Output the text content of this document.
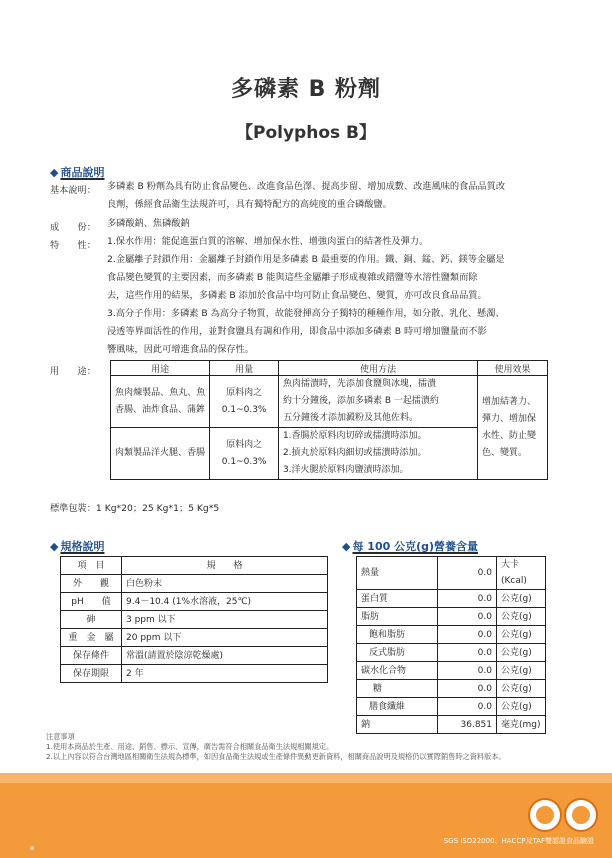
多磷素 B 粉劑
【Polyphos B】
◆ 商品說明
基本說明：	多磷素 B 粉劑為具有防止食品變色、改進食品色澤、提高步留、增加成數、改進風味的食品品質改
良劑，係經食品衛生法規許可，具有獨特配方的高純度的重合磷酸鹽。
成　　份：	多磷酸鈉、焦磷酸鈉
特　　性：	1.保水作用：能促進蛋白質的溶解、增加保水性、增強肉蛋白的結著性及彈力。
2.金屬離子封鎖作用：金屬離子封鎖作用是多磷素 B 最重要的作用。鐵、銅、錳、鈣、鎂等金屬是
食品變色變質的主要因素，而多磷素 B 能與這些金屬離子形成複雜或錯鹽等水溶性鹽類而除
去，這些作用的結果，多磷素 B 添加於食品中均可防止食品變色、變質，亦可改良食品品質。
3.高分子作用：多磷素 B 為高分子物質，故能發揮高分子獨特的種種作用，如分散、乳化、懸濁、
浸透等界面活性的作用，並對食鹽具有調和作用，即食品中添加多磷素 B 時可增加鹽量而不影
響風味，因此可增進食品的保存性。
用　　途：	用途	用量	使用方法	使用效果
魚肉煉製品、魚丸、魚香腸、油炸食品、蒲鉾	原料肉之0.1~0.3%	魚肉擂潰時，先添加食鹽與冰塊，擂潰
約十分鐘後，添加多磷素 B 一起擂潰約
五分鐘後才添加澱粉及其他佐料。	增加結著力、彈力、增加保水性、防止變色、變質。
肉類製品洋火腿、香腸	原料肉之0.1~0.3%	1.香腸於原料肉切碎或擂潰時添加。
2.摃丸於原料肉細切或擂潰時添加。
3.洋火腿於原料肉鹽漬時添加。	
標準包裝：1 Kg*20；25 Kg*1；5 Kg*5
◆ 規格說明
項　目	規　　格
外　　觀	白色粉末
pH　　值	9.4－10.4 (1%水溶液，25℃)
砷	3 ppm 以下
重　金　屬	20 ppm 以下
保存條件	常溫(請置於陰涼乾燥處)
保存期限	2 年
◆ 每 100 公克(g)營養含量
熱量	0.0	大卡(Kcal)
蛋白質	0.0	公克(g)
脂肪	0.0	公克(g)
飽和脂肪	0.0	公克(g)
反式脂肪	0.0	公克(g)
碳水化合物	0.0	公克(g)
糖	0.0	公克(g)
膳食纖維	0.0	公克(g)
鈉	36.851	毫克(mg)
注意事項
1.使用本商品於生產、用途、銷售、標示、宣傳，廣告需符合相關食品衛生法規相關規定。
2.以上內容以符合台灣地區相關衛生法規為標準，如因食品衛生法規或生產條件異動更新資料，相關商品說明及規格仍以實際銷售時之資料版本。
SGS ISO22000、HACCP及TAF雙認證食品驗證
